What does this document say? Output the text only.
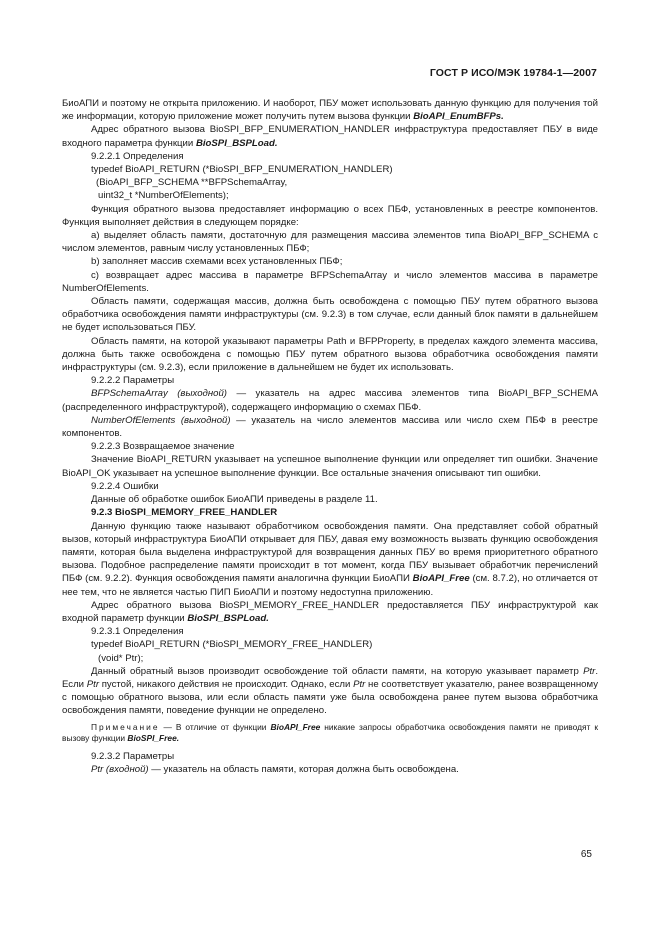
ГОСТ Р ИСО/МЭК 19784-1—2007

БиоАПИ и поэтому не открыта приложению. И наоборот, ПБУ может использовать данную функцию для получения той же информации, которую приложение может получить путем вызова функции BioAPI_EnumBFPs.

Адрес обратного вызова BioSPI_BFP_ENUMERATION_HANDLER инфраструктура предоставляет ПБУ в виде входного параметра функции BioSPI_BSPLoad.

9.2.2.1 Определения

typedef BioAPI_RETURN (*BioSPI_BFP_ENUMERATION_HANDLER)

(BioAPI_BFP_SCHEMA **BFPSchemaArray,

uint32_t *NumberOfElements);

Функция обратного вызова предоставляет информацию о всех ПБФ, установленных в реестре компонентов. Функция выполняет действия в следующем порядке:

a) выделяет область памяти, достаточную для размещения массива элементов типа BioAPI_BFP_SCHEMA с числом элементов, равным числу установленных ПБФ;

b) заполняет массив схемами всех установленных ПБФ;

c) возвращает адрес массива в параметре BFPSchemaArray и число элементов массива в параметре NumberOfElements.

Область памяти, содержащая массив, должна быть освобождена с помощью ПБУ путем обратного вызова обработчика освобождения памяти инфраструктуры (см. 9.2.3) в том случае, если данный блок памяти в дальнейшем не будет использоваться ПБУ.

Область памяти, на которой указывают параметры Path и BFPProperty, в пределах каждого элемента массива, должна быть также освобождена с помощью ПБУ путем обратного вызова обработчика освобождения памяти инфраструктуры (см. 9.2.3), если приложение в дальнейшем не будет их использовать.

9.2.2.2 Параметры

BFPSchemaArray (выходной) — указатель на адрес массива элементов типа BioAPI_BFP_SCHEMA (распределенного инфраструктурой), содержащего информацию о схемах ПБФ.

NumberOfElements (выходной) — указатель на число элементов массива или число схем ПБФ в реестре компонентов.

9.2.2.3 Возвращаемое значение

Значение BioAPI_RETURN указывает на успешное выполнение функции или определяет тип ошибки. Значение BioAPI_OK указывает на успешное выполнение функции. Все остальные значения описывают тип ошибки.

9.2.2.4 Ошибки

Данные об обработке ошибок БиоАПИ приведены в разделе 11.

9.2.3 BioSPI_MEMORY_FREE_HANDLER

Данную функцию также называют обработчиком освобождения памяти. Она представляет собой обратный вызов, который инфраструктура БиоАПИ открывает для ПБУ, давая ему возможность вызвать функцию освобождения памяти, которая была выделена инфраструктурой для возвращения данных ПБУ во время приоритетного обратного вызова. Подобное распределение памяти происходит в тот момент, когда ПБУ вызывает обработчик перечислений ПБФ (см. 9.2.2). Функция освобождения памяти аналогична функции БиоАПИ BioAPI_Free (см. 8.7.2), но отличается от нее тем, что не является частью ПИП БиоАПИ и поэтому недоступна приложению.

Адрес обратного вызова BioSPI_MEMORY_FREE_HANDLER предоставляется ПБУ инфраструктурой как входной параметр функции BioSPI_BSPLoad.

9.2.3.1 Определения

typedef BioAPI_RETURN (*BioSPI_MEMORY_FREE_HANDLER)

(void* Ptr);

Данный обратный вызов производит освобождение той области памяти, на которую указывает параметр Ptr. Если Ptr пустой, никакого действия не происходит. Однако, если Ptr не соответствует указателю, ранее возвращенному с помощью обратного вызова, или если область памяти уже была освобождена ранее путем вызова обработчика освобождения памяти, поведение функции не определено.

Примечание — В отличие от функции BioAPI_Free никакие запросы обработчика освобождения памяти не приводят к вызову функции BioSPI_Free.

9.2.3.2 Параметры

Ptr (входной) — указатель на область памяти, которая должна быть освобождена.

65
